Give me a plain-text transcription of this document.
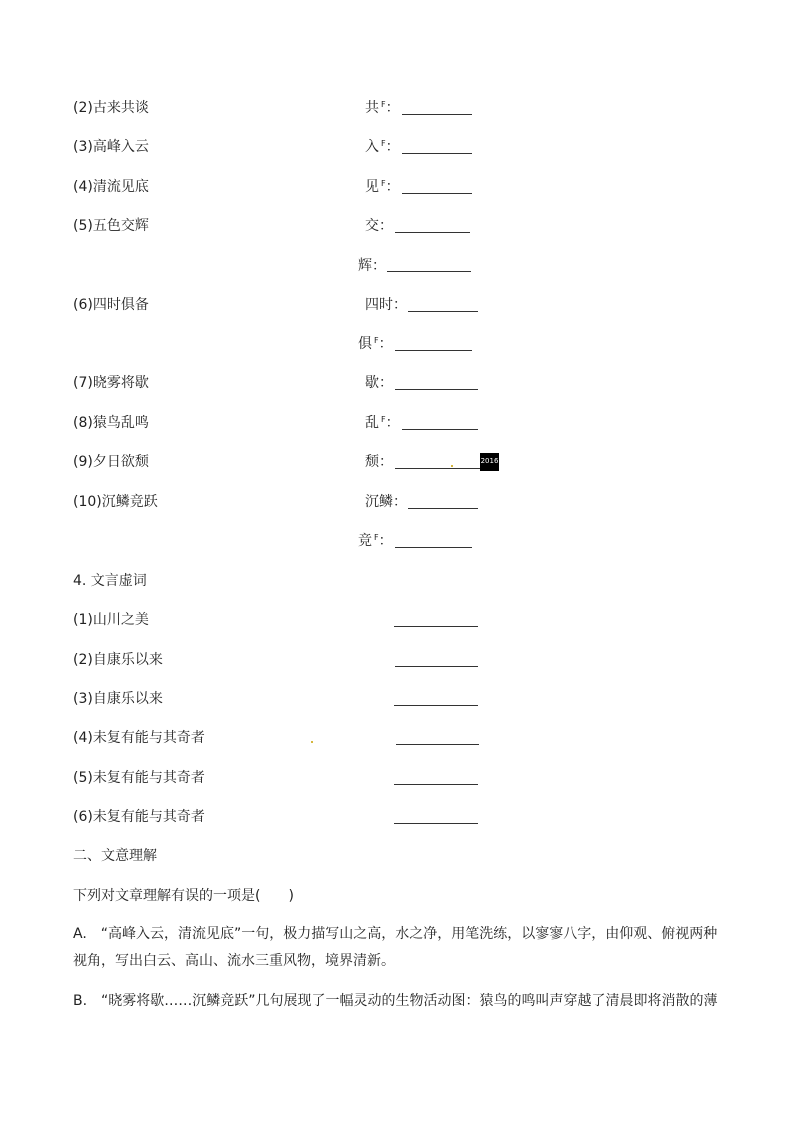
(2)古来共谈	共 $^F$：
(3)高峰入云	入 $^F$：
(4)清流见底	见 $^F$：
(5)五色交辉	交：
辉：
(6)四时俱备	四时：
俱 $^F$：
(7)晓雾将歇	歇：
(8)猿鸟乱鸣	乱 $^F$：
(9)夕日欲颓	颓：	2016
(10)沉鳞竞跃	沉鳞：
竞 $^F$：
4. 文言虚词
(1)山川之美
(2)自康乐以来
(3)自康乐以来
(4)未复有能与其奇者
(5)未复有能与其奇者
(6)未复有能与其奇者
二、文意理解
下列对文章理解有误的一项是(　　)
A.　“高峰入云，清流见底”一句，极力描写山之高，水之净，用笔洗练，以寥寥八字，由仰观、俯视两种视角，写出白云、高山、流水三重风物，境界清新。
B.　“晓雾将歇……沉鳞竞跃”几句展现了一幅灵动的生物活动图：猿鸟的鸣叫声穿越了清晨即将消散的薄
